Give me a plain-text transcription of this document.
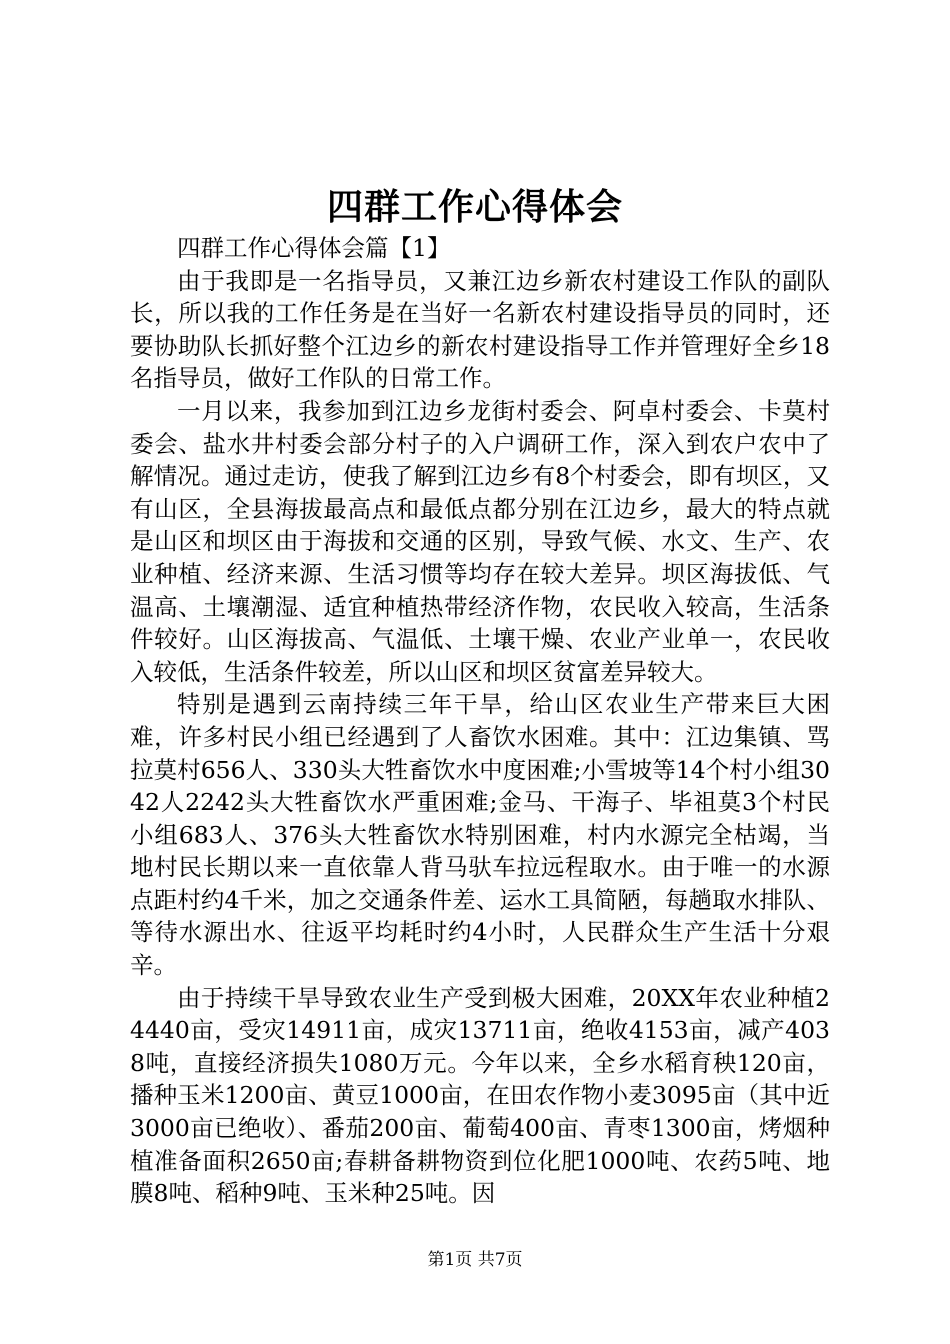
四群工作心得体会

四群工作心得体会篇【1】

由于我即是一名指导员，又兼江边乡新农村建设工作队的副队长，所以我的工作任务是在当好一名新农村建设指导员的同时，还要协助队长抓好整个江边乡的新农村建设指导工作并管理好全乡18名指导员，做好工作队的日常工作。

一月以来，我参加到江边乡龙街村委会、阿卓村委会、卡莫村委会、盐水井村委会部分村子的入户调研工作，深入到农户农中了解情况。通过走访，使我了解到江边乡有8个村委会，即有坝区，又有山区，全县海拔最高点和最低点都分别在江边乡，最大的特点就是山区和坝区由于海拔和交通的区别，导致气候、水文、生产、农业种植、经济来源、生活习惯等均存在较大差异。坝区海拔低、气温高、土壤潮湿、适宜种植热带经济作物，农民收入较高，生活条件较好。山区海拔高、气温低、土壤干燥、农业产业单一，农民收入较低，生活条件较差，所以山区和坝区贫富差异较大。

特别是遇到云南持续三年干旱，给山区农业生产带来巨大困难，许多村民小组已经遇到了人畜饮水困难。其中：江边集镇、骂拉莫村656人、330头大牲畜饮水中度困难;小雪坡等14个村小组3042人2242头大牲畜饮水严重困难;金马、干海子、毕祖莫3个村民小组683人、376头大牲畜饮水特别困难，村内水源完全枯竭，当地村民长期以来一直依靠人背马驮车拉远程取水。由于唯一的水源点距村约4千米，加之交通条件差、运水工具简陋，每趟取水排队、等待水源出水、往返平均耗时约4小时，人民群众生产生活十分艰辛。

由于持续干旱导致农业生产受到极大困难，20XX年农业种植24440亩，受灾14911亩，成灾13711亩，绝收4153亩，减产4038吨，直接经济损失1080万元。今年以来，全乡水稻育秧120亩，播种玉米1200亩、黄豆1000亩，在田农作物小麦3095亩（其中近3000亩已绝收）、番茄200亩、葡萄400亩、青枣1300亩，烤烟种植准备面积2650亩;春耕备耕物资到位化肥1000吨、农药5吨、地膜8吨、稻种9吨、玉米种25吨。因

第1页 共7页
